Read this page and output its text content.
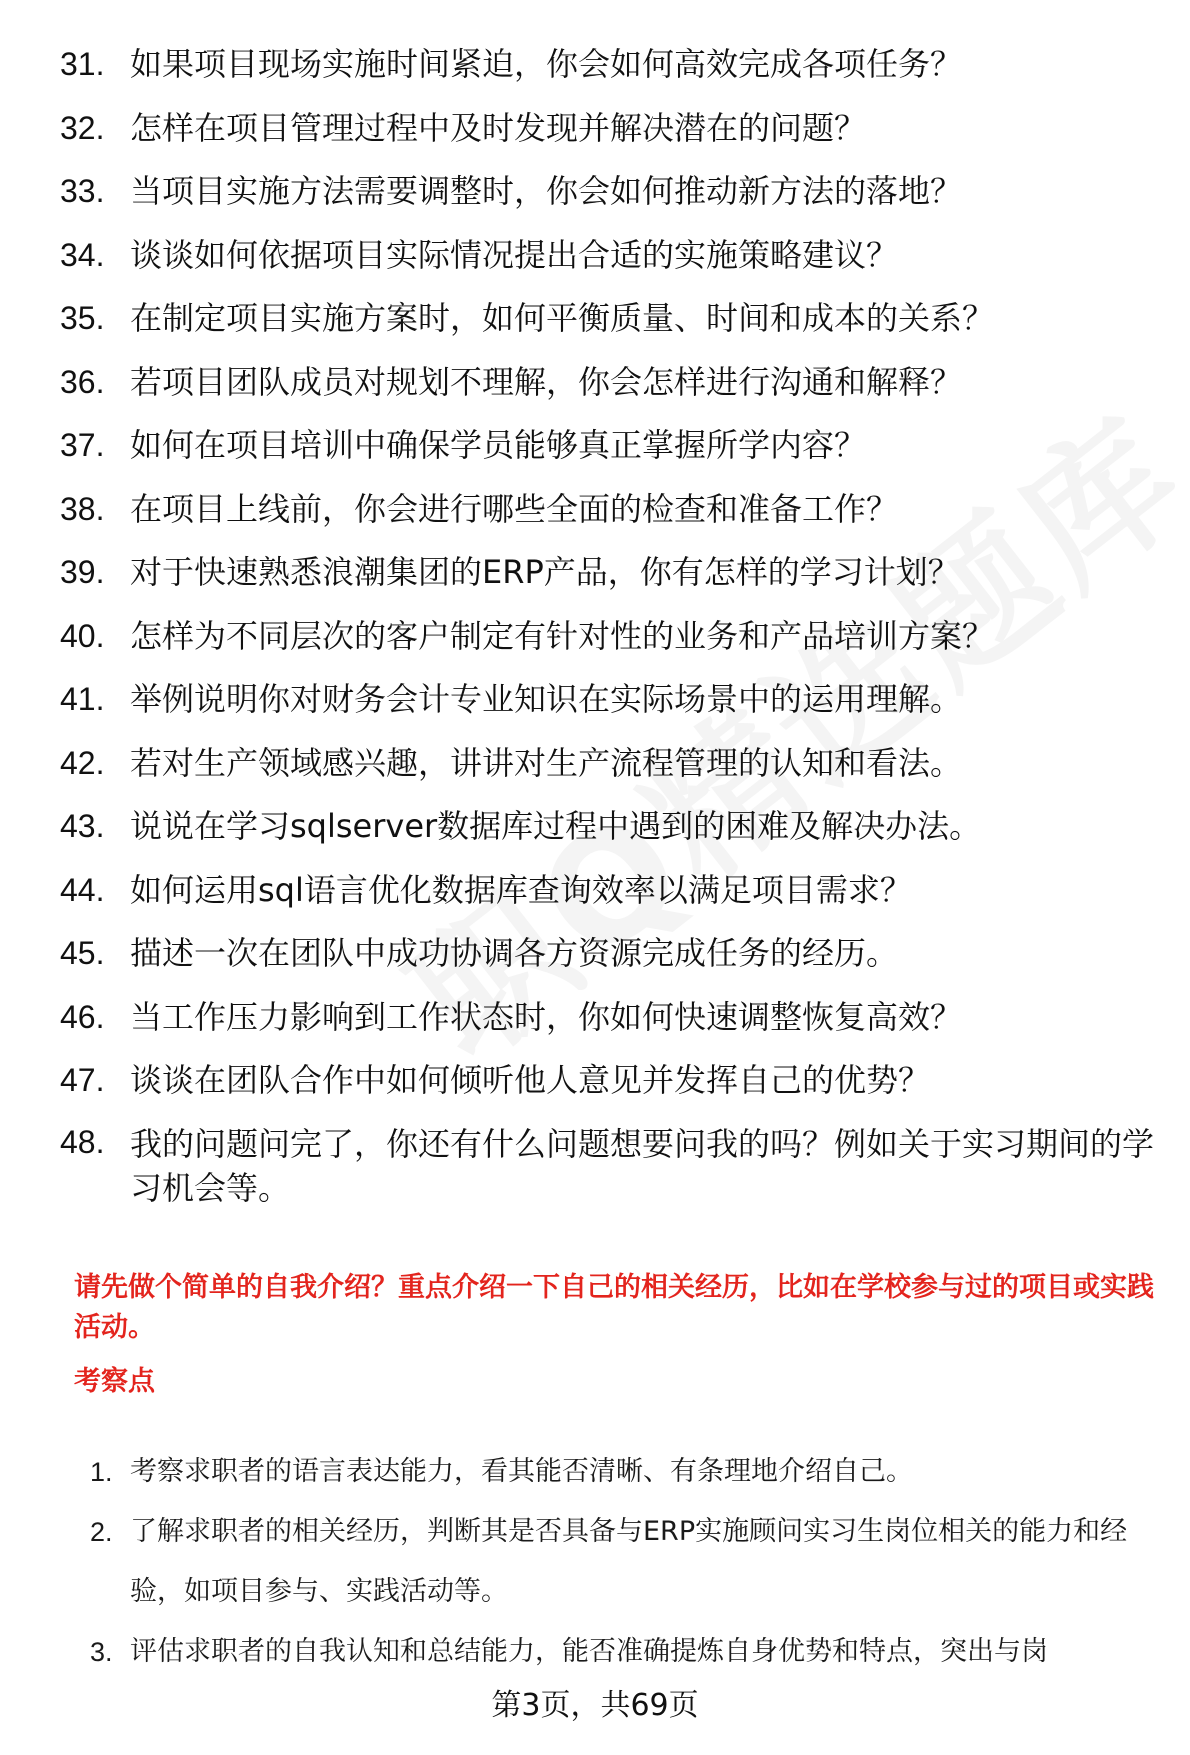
31. 如果项目现场实施时间紧迫，你会如何高效完成各项任务？
32. 怎样在项目管理过程中及时发现并解决潜在的问题？
33. 当项目实施方法需要调整时，你会如何推动新方法的落地？
34. 谈谈如何依据项目实际情况提出合适的实施策略建议？
35. 在制定项目实施方案时，如何平衡质量、时间和成本的关系？
36. 若项目团队成员对规划不理解，你会怎样进行沟通和解释？
37. 如何在项目培训中确保学员能够真正掌握所学内容？
38. 在项目上线前，你会进行哪些全面的检查和准备工作？
39. 对于快速熟悉浪潮集团的ERP产品，你有怎样的学习计划？
40. 怎样为不同层次的客户制定有针对性的业务和产品培训方案？
41. 举例说明你对财务会计专业知识在实际场景中的运用理解。
42. 若对生产领域感兴趣，讲讲对生产流程管理的认知和看法。
43. 说说在学习sqlserver数据库过程中遇到的困难及解决办法。
44. 如何运用sql语言优化数据库查询效率以满足项目需求？
45. 描述一次在团队中成功协调各方资源完成任务的经历。
46. 当工作压力影响到工作状态时，你如何快速调整恢复高效？
47. 谈谈在团队合作中如何倾听他人意见并发挥自己的优势？
48. 我的问题问完了，你还有什么问题想要问我的吗？例如关于实习期间的学习机会等。
请先做个简单的自我介绍？重点介绍一下自己的相关经历，比如在学校参与过的项目或实践活动。
考察点
1. 考察求职者的语言表达能力，看其能否清晰、有条理地介绍自己。
2. 了解求职者的相关经历，判断其是否具备与ERP实施顾问实习生岗位相关的能力和经验，如项目参与、实践活动等。
3. 评估求职者的自我认知和总结能力，能否准确提炼自身优势和特点，突出与岗
第3页，共69页
